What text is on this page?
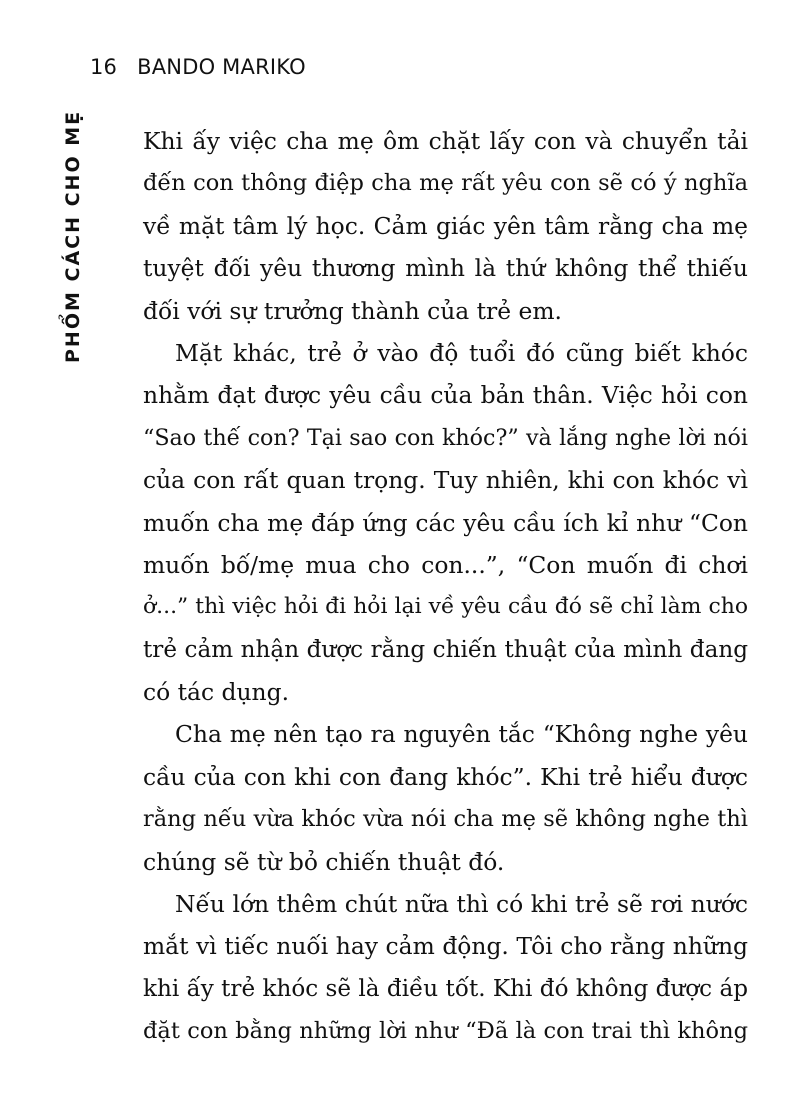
16 BANDO MARIKO
PHỔM CÁCH CHO MẸ	Khi ấy việc cha mẹ ôm chặt lấy con và chuyển tải
đến con thông điệp cha mẹ rất yêu con sẽ có ý nghĩa
về mặt tâm lý học. Cảm giác yên tâm rằng cha mẹ
tuyệt đối yêu thương mình là thứ không thể thiếu
đối với sự trưởng thành của trẻ em.
Mặt khác, trẻ ở vào độ tuổi đó cũng biết khóc
nhằm đạt được yêu cầu của bản thân. Việc hỏi con
“Sao thế con? Tại sao con khóc?” và lắng nghe lời nói
của con rất quan trọng. Tuy nhiên, khi con khóc vì
muốn cha mẹ đáp ứng các yêu cầu ích kỉ như “Con
muốn bố/mẹ mua cho con...”, “Con muốn đi chơi
ở...” thì việc hỏi đi hỏi lại về yêu cầu đó sẽ chỉ làm cho
trẻ cảm nhận được rằng chiến thuật của mình đang
có tác dụng.
Cha mẹ nên tạo ra nguyên tắc “Không nghe yêu
cầu của con khi con đang khóc”. Khi trẻ hiểu được
rằng nếu vừa khóc vừa nói cha mẹ sẽ không nghe thì
chúng sẽ từ bỏ chiến thuật đó.
Nếu lớn thêm chút nữa thì có khi trẻ sẽ rơi nước
mắt vì tiếc nuối hay cảm động. Tôi cho rằng những
khi ấy trẻ khóc sẽ là điều tốt. Khi đó không được áp
đặt con bằng những lời như “Đã là con trai thì không
